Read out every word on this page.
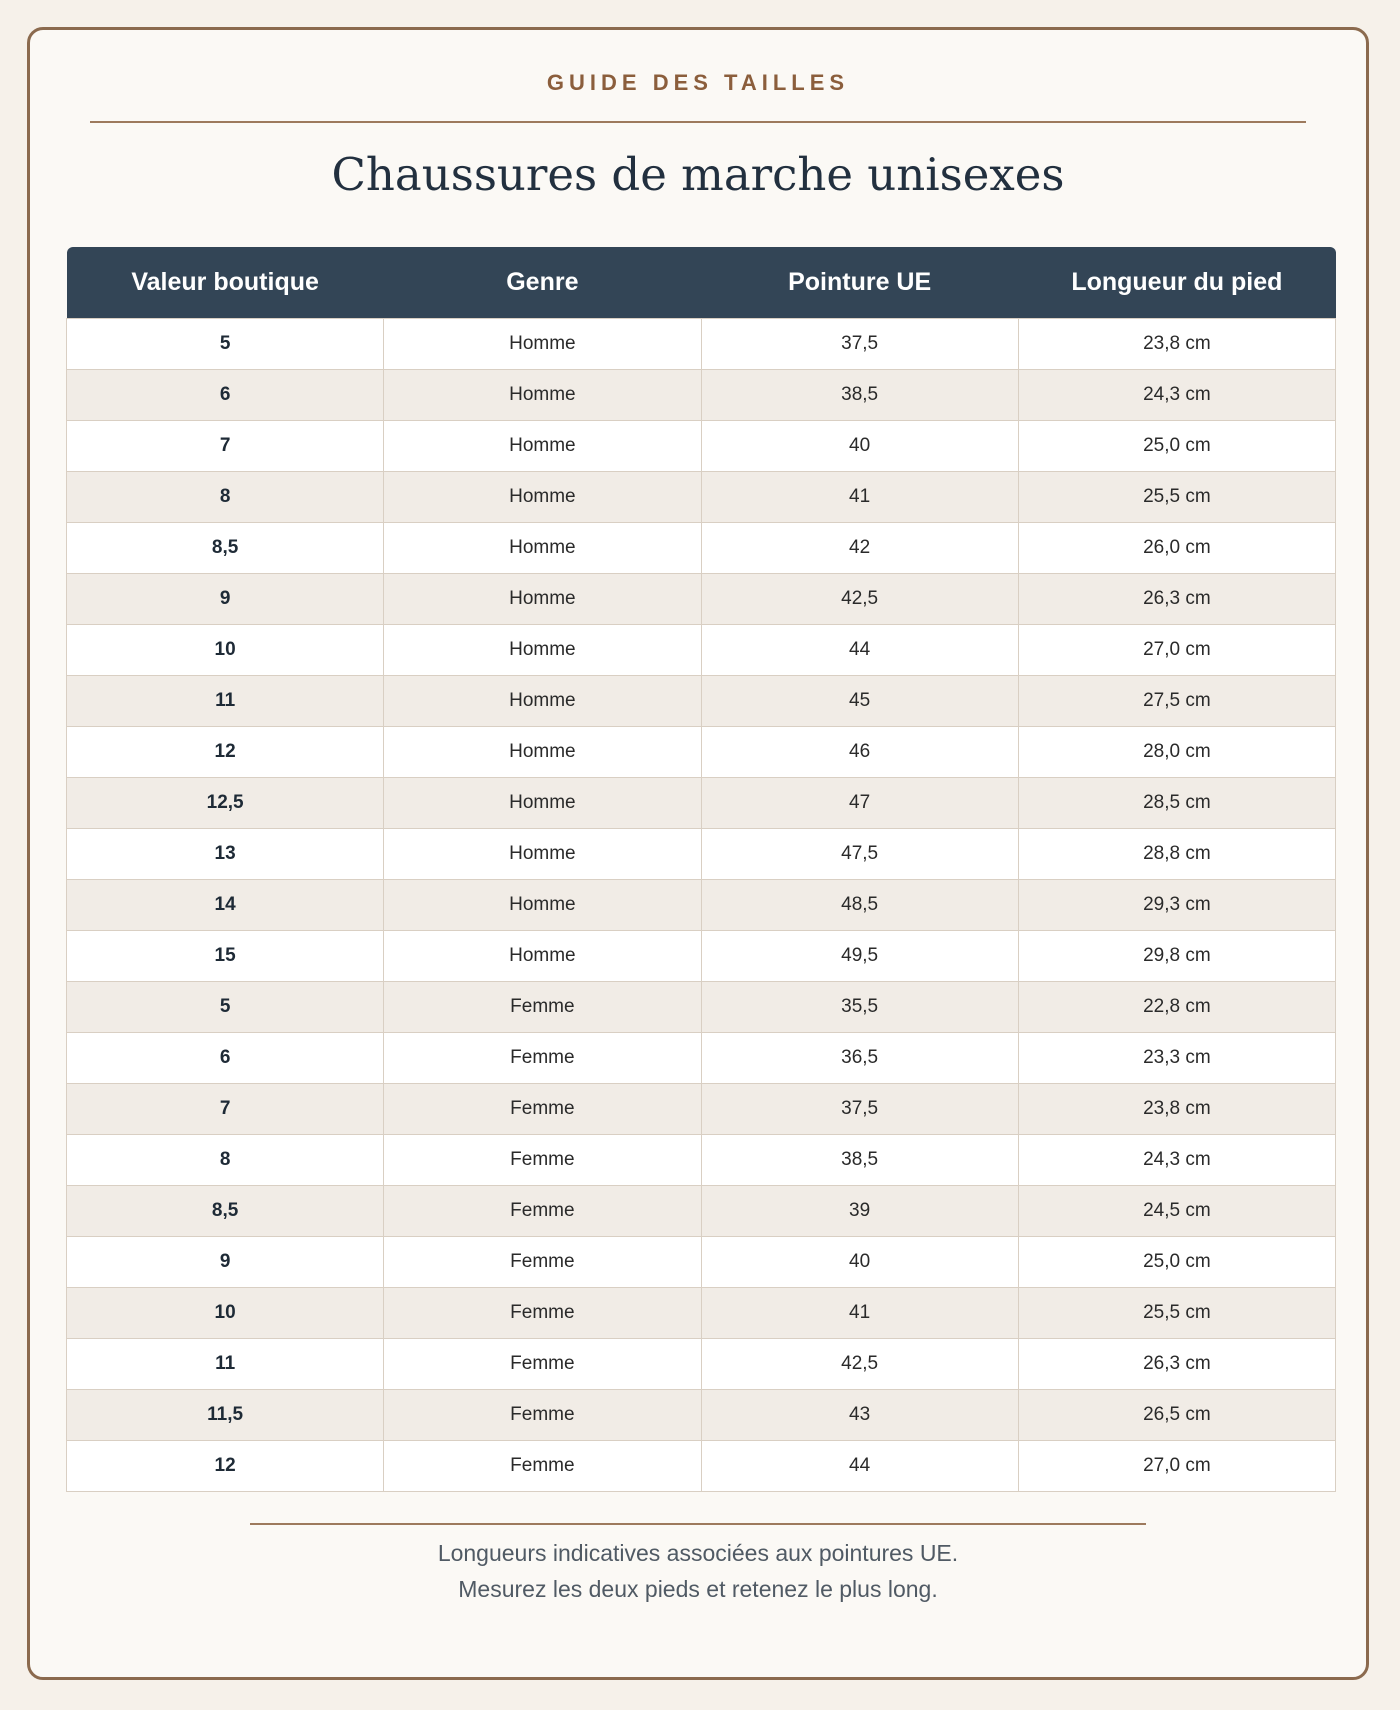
GUIDE DES TAILLES
Chaussures de marche unisexes
Valeur boutique	Genre	Pointure UE	Longueur du pied
5	Homme	37,5	23,8 cm
6	Homme	38,5	24,3 cm
7	Homme	40	25,0 cm
8	Homme	41	25,5 cm
8,5	Homme	42	26,0 cm
9	Homme	42,5	26,3 cm
10	Homme	44	27,0 cm
11	Homme	45	27,5 cm
12	Homme	46	28,0 cm
12,5	Homme	47	28,5 cm
13	Homme	47,5	28,8 cm
14	Homme	48,5	29,3 cm
15	Homme	49,5	29,8 cm
5	Femme	35,5	22,8 cm
6	Femme	36,5	23,3 cm
7	Femme	37,5	23,8 cm
8	Femme	38,5	24,3 cm
8,5	Femme	39	24,5 cm
9	Femme	40	25,0 cm
10	Femme	41	25,5 cm
11	Femme	42,5	26,3 cm
11,5	Femme	43	26,5 cm
12	Femme	44	27,0 cm
Longueurs indicatives associées aux pointures UE.
Mesurez les deux pieds et retenez le plus long.
